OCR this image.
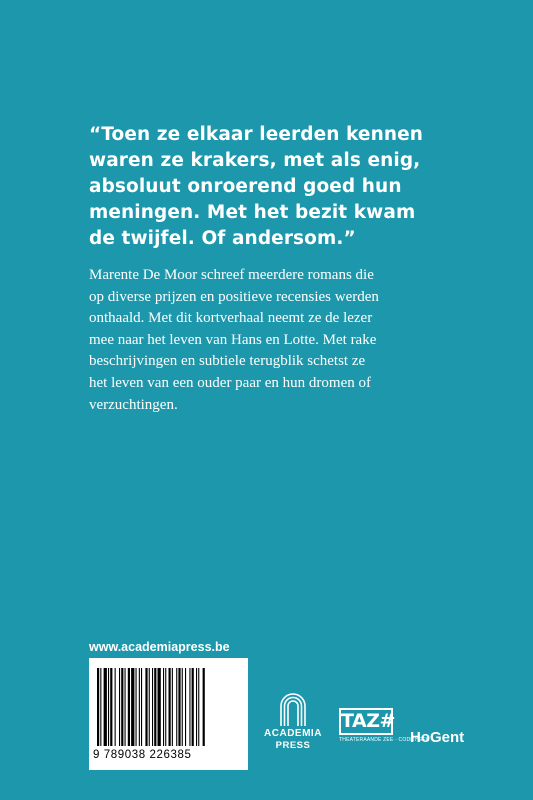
“Toen ze elkaar leerden kennen
waren ze krakers, met als enig,
absoluut onroerend goed hun
meningen. Met het bezit kwam
de twijfel. Of andersom.”
Marente De Moor schreef meerdere romans die
op diverse prijzen en positieve recensies werden
onthaald. Met dit kortverhaal neemt ze de lezer
mee naar het leven van Hans en Lotte. Met rake
beschrijvingen en subtiele terugblik schetst ze
het leven van een ouder paar en hun dromen of
verzuchtingen.
www.academiapress.be
9 789038 226385
ACADEMIA
PRESS
TAZ#
THEATERAANDE ZEE · CODITHEEK
HoGent
